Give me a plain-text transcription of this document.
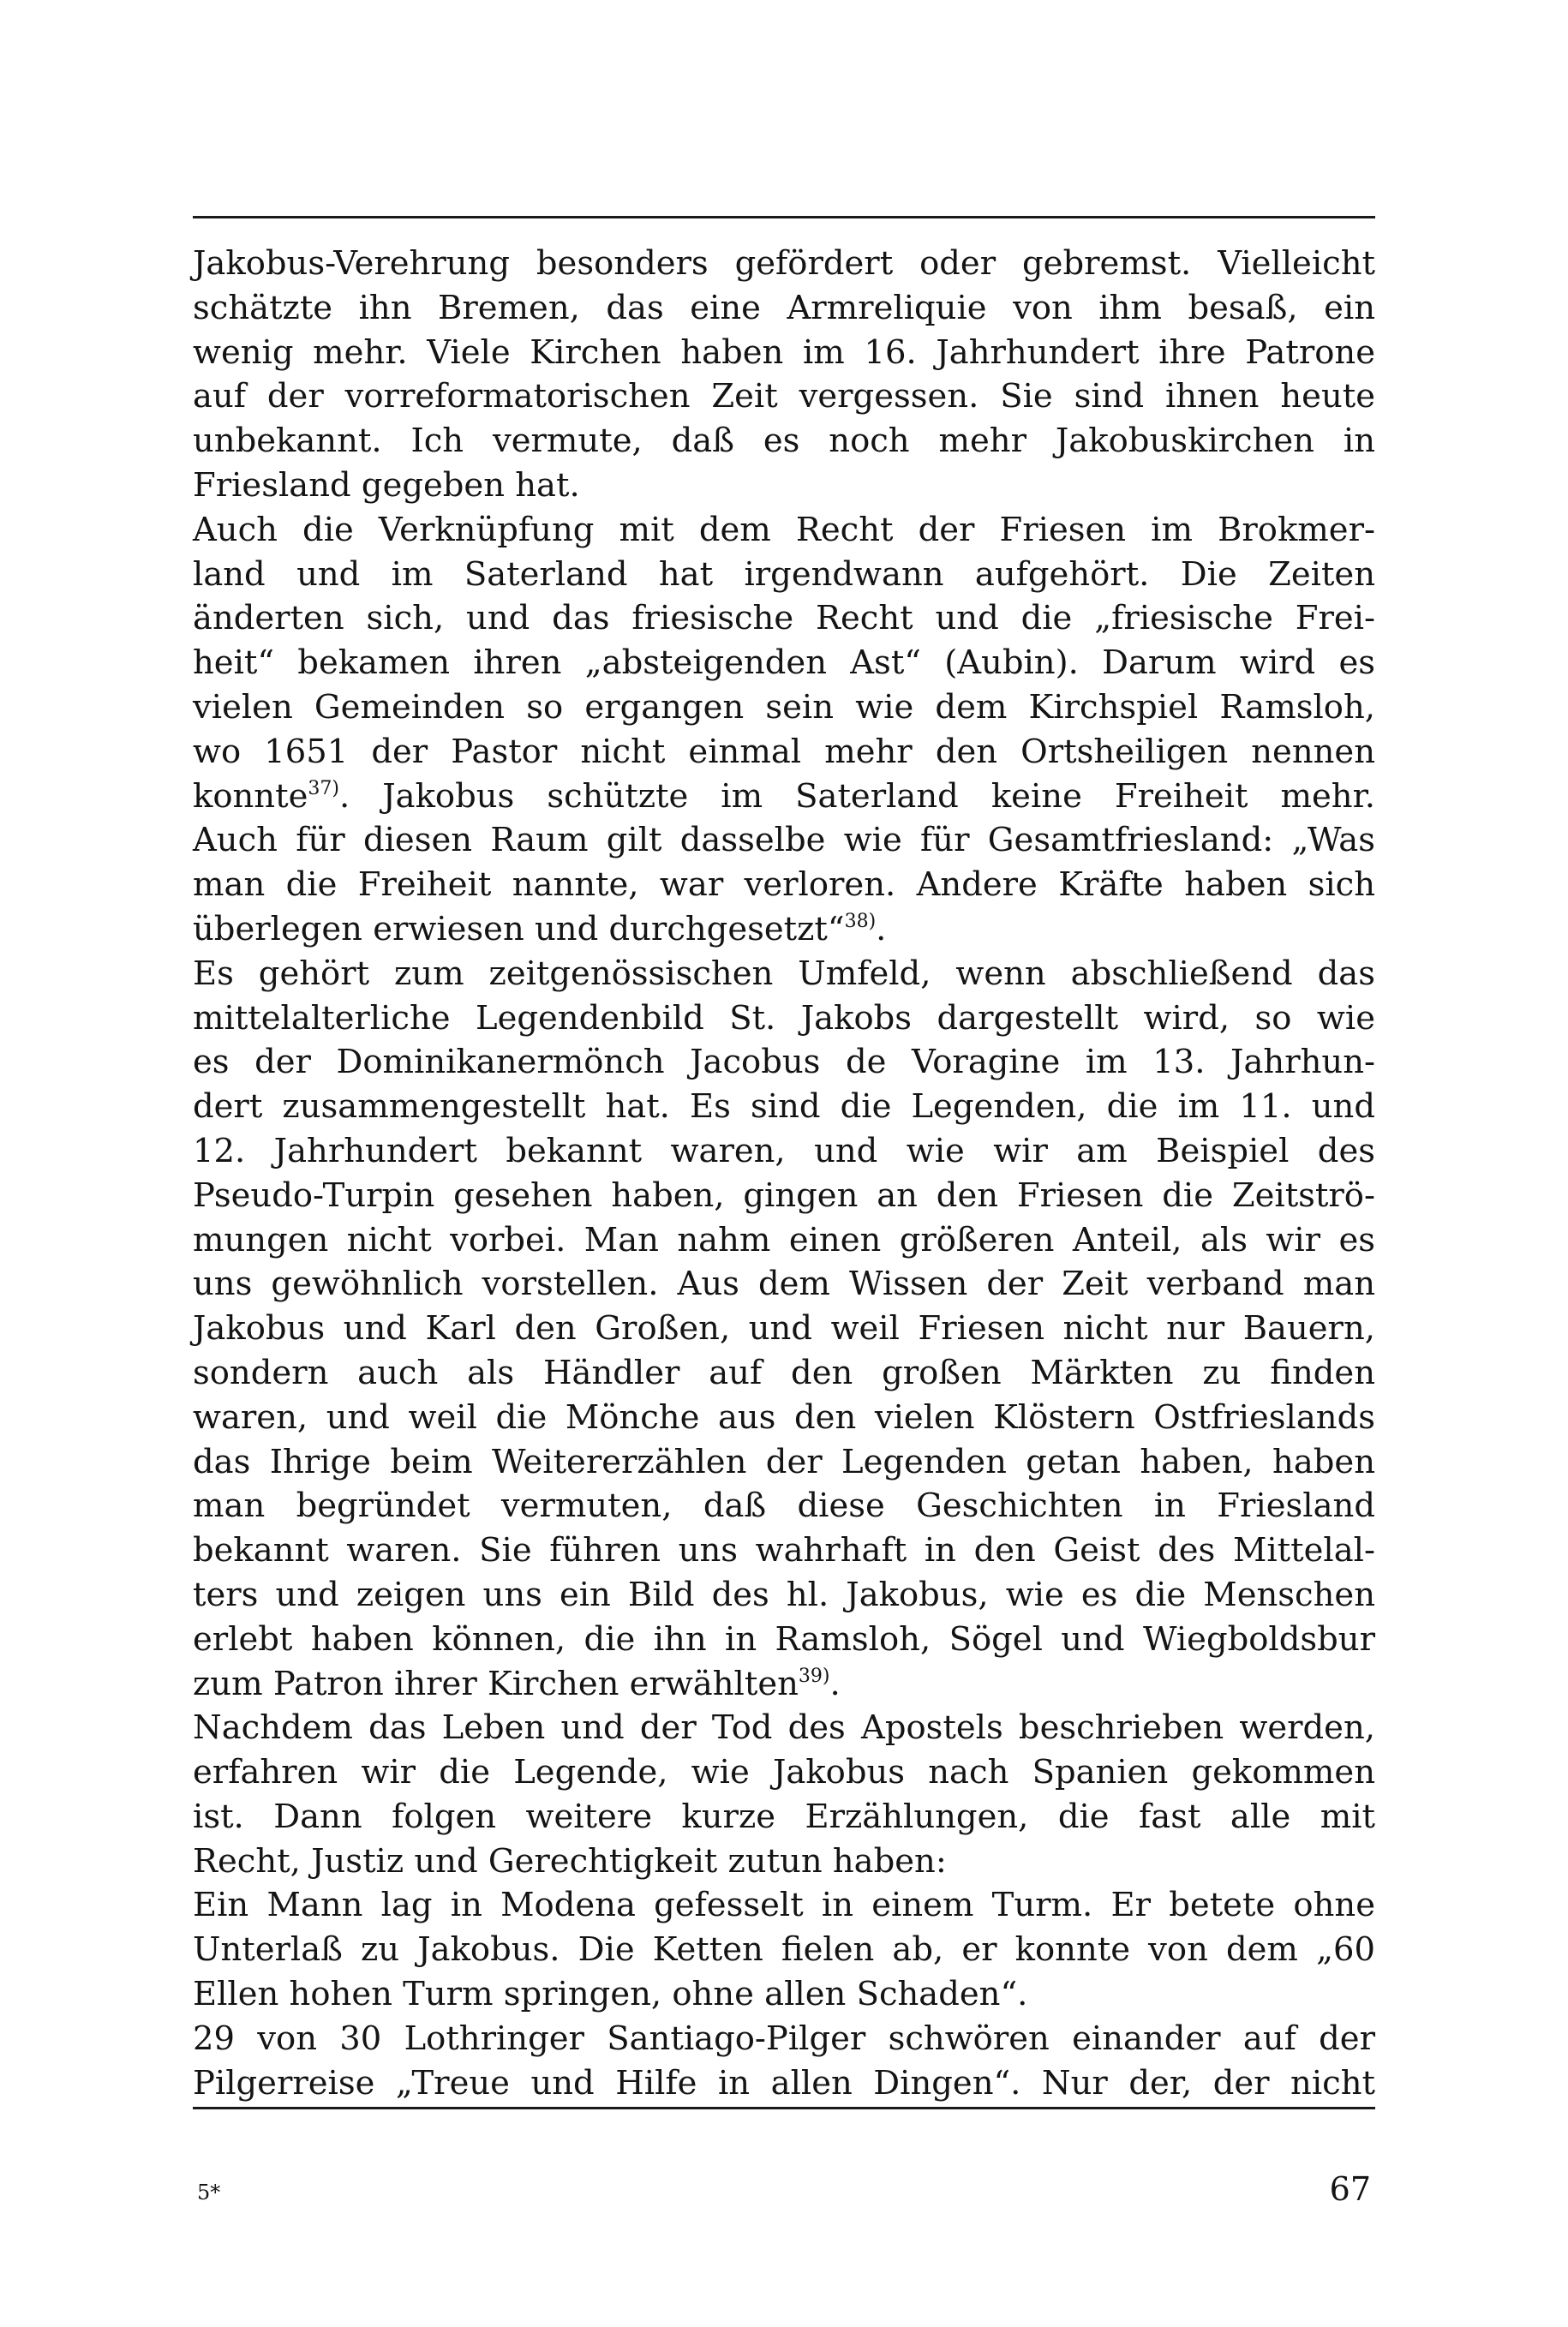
Jakobus-Verehrung besonders gefördert oder gebremst. Vielleicht
schätzte ihn Bremen, das eine Armreliquie von ihm besaß, ein
wenig mehr. Viele Kirchen haben im 16. Jahrhundert ihre Patrone
auf der vorreformatorischen Zeit vergessen. Sie sind ihnen heute
unbekannt. Ich vermute, daß es noch mehr Jakobuskirchen in
Friesland gegeben hat.
Auch die Verknüpfung mit dem Recht der Friesen im Brokmer-
land und im Saterland hat irgendwann aufgehört. Die Zeiten
änderten sich, und das friesische Recht und die „friesische Frei-
heit“ bekamen ihren „absteigenden Ast“ (Aubin). Darum wird es
vielen Gemeinden so ergangen sein wie dem Kirchspiel Ramsloh,
wo 1651 der Pastor nicht einmal mehr den Ortsheiligen nennen
konnte$^{37)}$. Jakobus schützte im Saterland keine Freiheit mehr.
Auch für diesen Raum gilt dasselbe wie für Gesamtfriesland: „Was
man die Freiheit nannte, war verloren. Andere Kräfte haben sich
überlegen erwiesen und durchgesetzt“$^{38)}$.
Es gehört zum zeitgenössischen Umfeld, wenn abschließend das
mittelalterliche Legendenbild St. Jakobs dargestellt wird, so wie
es der Dominikanermönch Jacobus de Voragine im 13. Jahrhun-
dert zusammengestellt hat. Es sind die Legenden, die im 11. und
12. Jahrhundert bekannt waren, und wie wir am Beispiel des
Pseudo-Turpin gesehen haben, gingen an den Friesen die Zeitströ-
mungen nicht vorbei. Man nahm einen größeren Anteil, als wir es
uns gewöhnlich vorstellen. Aus dem Wissen der Zeit verband man
Jakobus und Karl den Großen, und weil Friesen nicht nur Bauern,
sondern auch als Händler auf den großen Märkten zu finden
waren, und weil die Mönche aus den vielen Klöstern Ostfrieslands
das Ihrige beim Weitererzählen der Legenden getan haben, haben
man begründet vermuten, daß diese Geschichten in Friesland
bekannt waren. Sie führen uns wahrhaft in den Geist des Mittelal-
ters und zeigen uns ein Bild des hl. Jakobus, wie es die Menschen
erlebt haben können, die ihn in Ramsloh, Sögel und Wiegboldsbur
zum Patron ihrer Kirchen erwählten$^{39)}$.
Nachdem das Leben und der Tod des Apostels beschrieben werden,
erfahren wir die Legende, wie Jakobus nach Spanien gekommen
ist. Dann folgen weitere kurze Erzählungen, die fast alle mit
Recht, Justiz und Gerechtigkeit zutun haben:
Ein Mann lag in Modena gefesselt in einem Turm. Er betete ohne
Unterlaß zu Jakobus. Die Ketten fielen ab, er konnte von dem „60
Ellen hohen Turm springen, ohne allen Schaden“.
29 von 30 Lothringer Santiago-Pilger schwören einander auf der
Pilgerreise „Treue und Hilfe in allen Dingen“. Nur der, der nicht
5*	67
